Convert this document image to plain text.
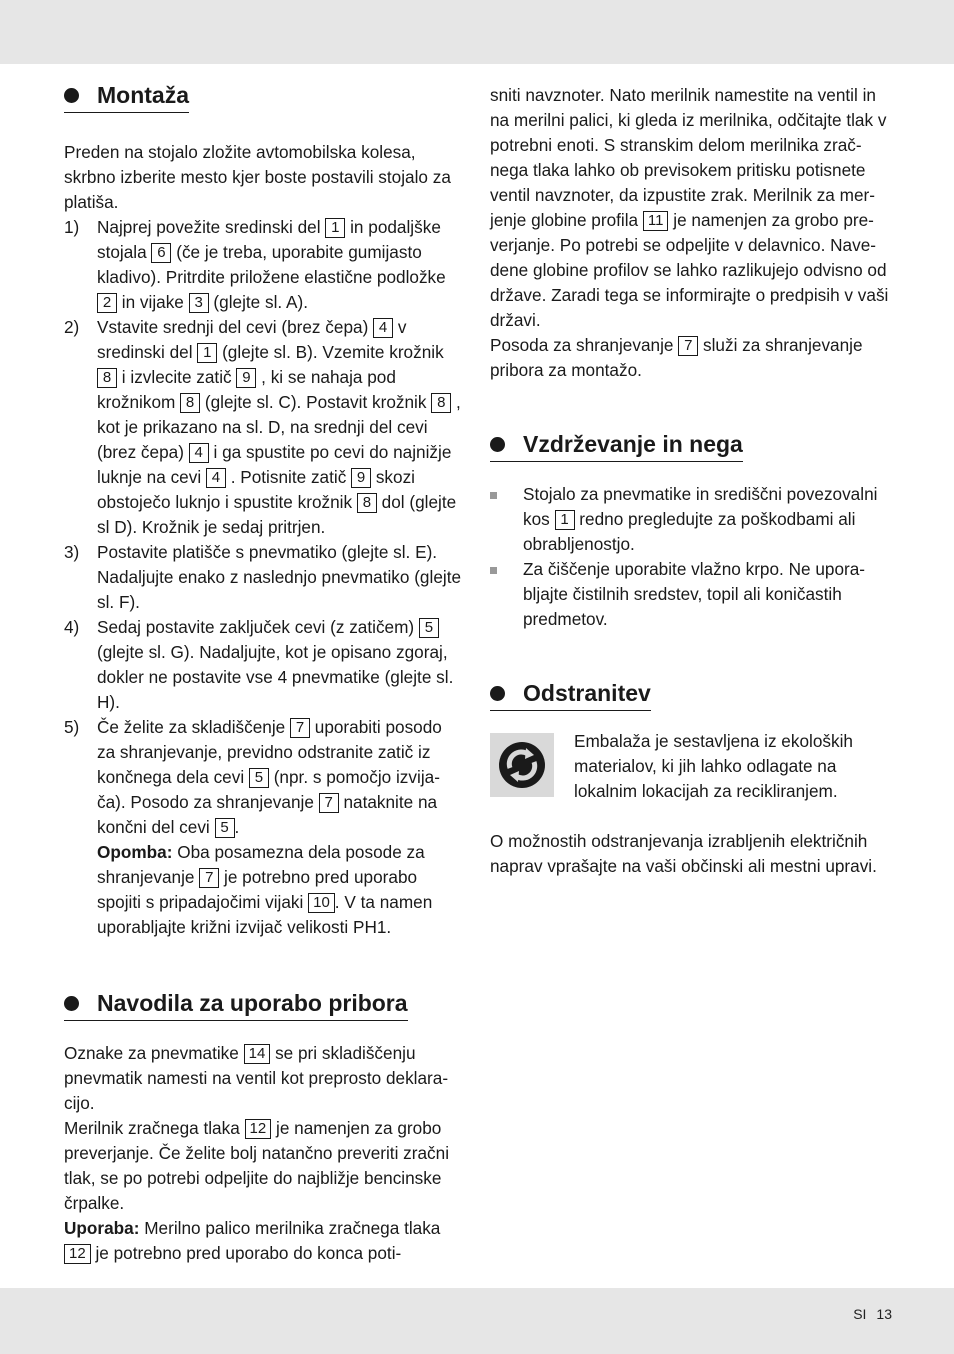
Montaža

Preden na stojalo zložite avtomobilska kolesa, skrbno izberite mesto kjer boste postavili stojalo za platiša.

1) Najprej povežite sredinski del 1 in podaljške stojala 6 (če je treba, uporabite gumijasto kladivo). Pritrdite priložene elastične podložke 2 in vijake 3 (glejte sl. A).
2) Vstavite srednji del cevi (brez čepa) 4 v sredinski del 1 (glejte sl. B). Vzemite krožnik 8 i izvlecite zatič 9 , ki se nahaja pod krožnikom 8 (glejte sl. C). Postavit krožnik 8 , kot je prikazano na sl. D, na srednji del cevi (brez čepa) 4 i ga spustite po cevi do najnižje luknje na cevi 4 . Potisnite zatič 9 skozi obstoječo luknjo i spustite krožnik 8 dol (glejte sl D). Krožnik je sedaj pritrjen.
3) Postavite platišče s pnevmatiko (glejte sl. E). Nadaljujte enako z naslednjo pnevmatiko (glejte sl. F).
4) Sedaj postavite zaključek cevi (z zatičem) 5 (glejte sl. G). Nadaljujte, kot je opisano zgoraj, dokler ne postavite vse 4 pnevmatike (glejte sl. H).
5) Če želite za skladiščenje 7 uporabiti posodo za shranjevanje, previdno odstranite zatič iz končnega dela cevi 5 (npr. s pomočjo izvija-ča). Posodo za shranjevanje 7 nataknite na končni del cevi 5 .
Opomba: Oba posamezna dela posode za shranjevanje 7 je potrebno pred uporabo spojiti s pripadajočimi vijaki 10 . V ta namen uporabljajte križni izvijač velikosti PH1.
Navodila za uporabo pribora

Oznake za pnevmatike 14 se pri skladiščenju pnevmatik namesti na ventil kot preprosto deklara-cijo.

Merilnik zračnega tlaka 12 je namenjen za grobo preverjanje. Če želite bolj natančno preveriti zračni tlak, se po potrebi odpeljite do najbližje bencinske črpalke.

Uporaba: Merilno palico merilnika zračnega tlaka 12 je potrebno pred uporabo do konca poti-

sniti navznoter. Nato merilnik namestite na ventil in na merilni palici, ki gleda iz merilnika, odčitajte tlak v potrebni enoti. S stranskim delom merilnika zrač-nega tlaka lahko ob previsokem pritisku potisnete ventil navznoter, da izpustite zrak. Merilnik za mer-jenje globine profila 11 je namenjen za grobo pre-verjanje. Po potrebi se odpeljite v delavnico. Nave-dene globine profilov se lahko razlikujejo odvisno od države. Zaradi tega se informirajte o predpisih v vaši državi.

Posoda za shranjevanje 7 služi za shranjevanje pribora za montažo.

Vzdrževanje in nega
Stojalo za pnevmatike in središčni povezovalni kos 1 redno pregledujte za poškodbami ali obrabljenostjo.
Za čiščenje uporabite vlažno krpo. Ne upora-bljajte čistilnih sredstev, topil ali koničastih predmetov.
Odstranitev

Embalaža je sestavljena iz ekoloških materialov, ki jih lahko odlagate na lokalnim lokacijah za recikliranjem.

O možnostih odstranjevanja izrabljenih električnih naprav vprašajte na vaši občinski ali mestni upravi.

SI 13
